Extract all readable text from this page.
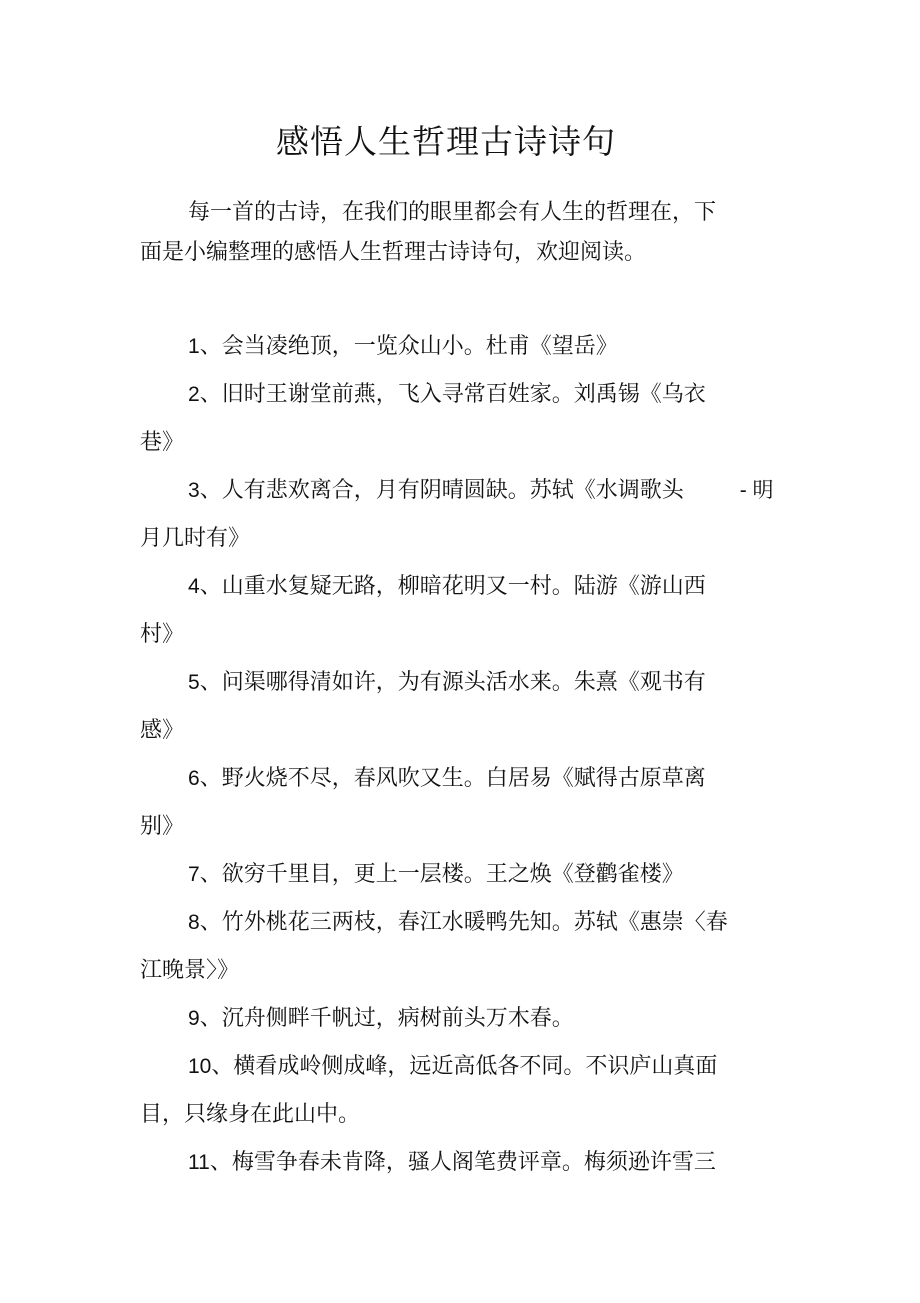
感悟人生哲理古诗诗句

每一首的古诗，在我们的眼里都会有人生的哲理在，下
面是小编整理的感悟人生哲理古诗诗句，欢迎阅读。

1、会当凌绝顶，一览众山小。杜甫《望岳》
2、旧时王谢堂前燕，飞入寻常百姓家。刘禹锡《乌衣
巷》
3、人有悲欢离合，月有阴晴圆缺。苏轼《水调歌头	- 明
月几时有》
4、山重水复疑无路，柳暗花明又一村。陆游《游山西
村》
5、问渠哪得清如许，为有源头活水来。朱熹《观书有
感》
6、野火烧不尽，春风吹又生。白居易《赋得古原草离
别》
7、欲穷千里目，更上一层楼。王之焕《登鹳雀楼》
8、竹外桃花三两枝，春江水暖鸭先知。苏轼《惠崇〈春
江晚景〉》
9、沉舟侧畔千帆过，病树前头万木春。
10、横看成岭侧成峰，远近高低各不同。不识庐山真面
目，只缘身在此山中。
11、梅雪争春未肯降，骚人阁笔费评章。梅须逊许雪三
